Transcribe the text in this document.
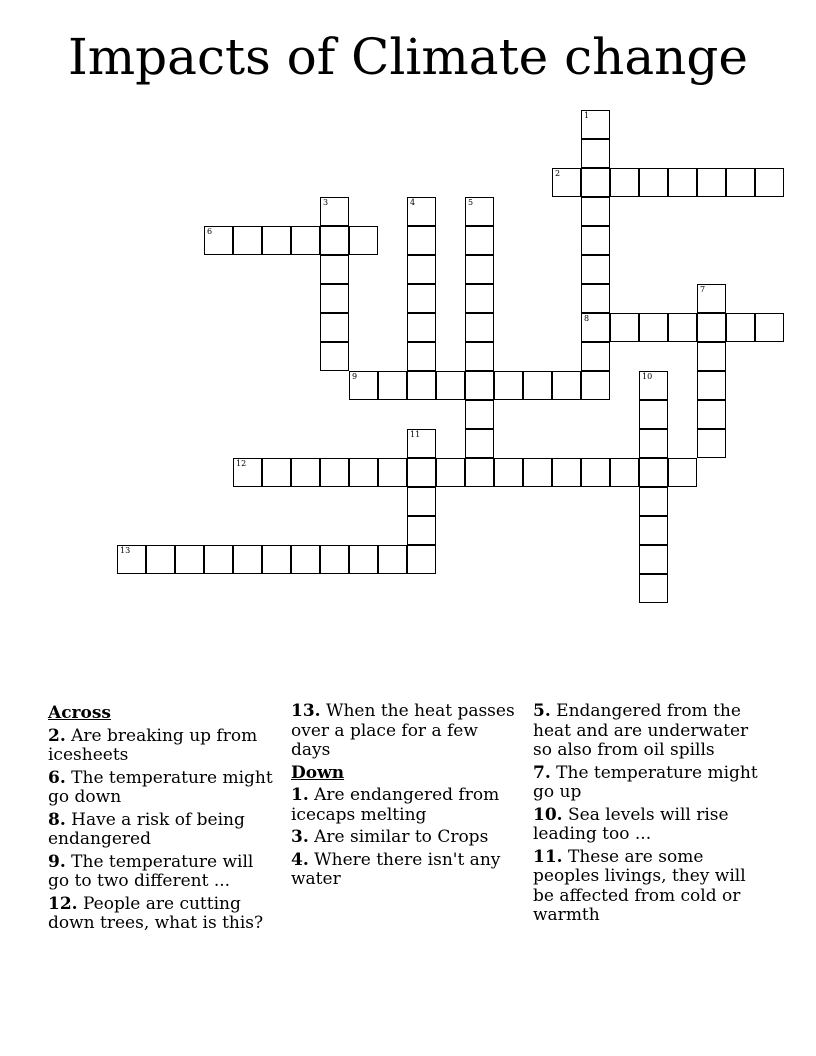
Impacts of Climate change
1
2
3	4	5
6
7
8
9	10
11
12
13
Across
2. Are breaking up from icesheets
6. The temperature might go down
8. Have a risk of being endangered
9. The temperature will go to two different ...
12. People are cutting down trees, what is this?
13. When the heat passes over a place for a few days
Down
1. Are endangered from icecaps melting
3. Are similar to Crops
4. Where there isn't any water
5. Endangered from the heat and are underwater so also from oil spills
7. The temperature might go up
10. Sea levels will rise leading too ...
11. These are some peoples livings, they will be affected from cold or warmth
